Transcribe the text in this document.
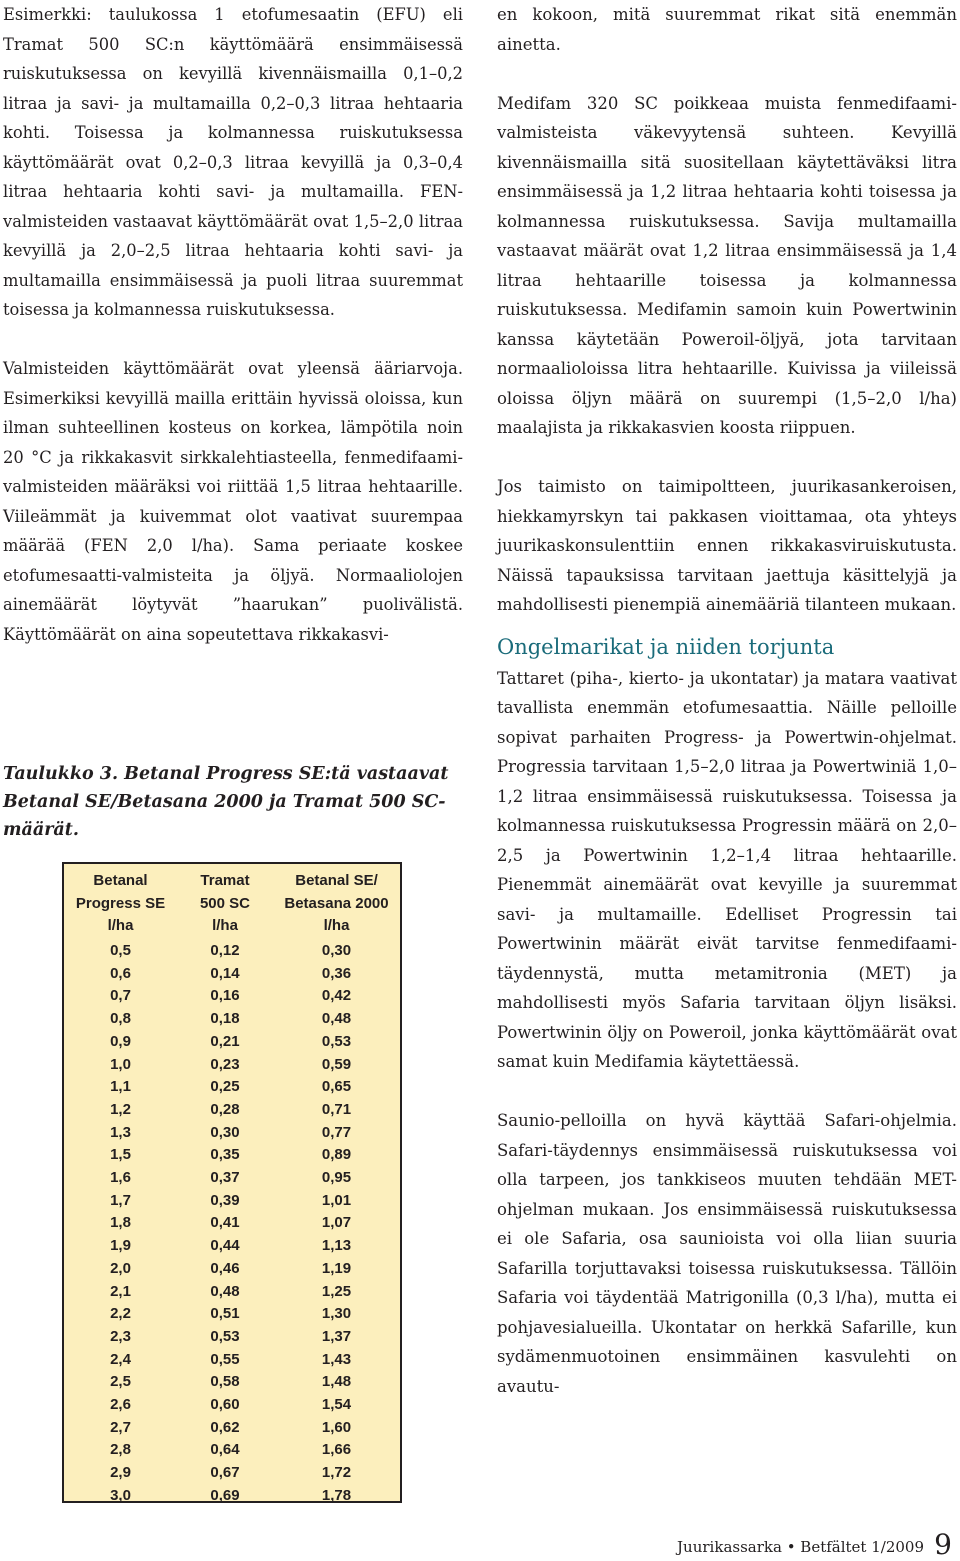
Esimerkki: taulukossa 1 etofumesaatin (EFU) eli Tramat 500 SC:n käyttömäärä ensimmäisessä ruiskutuksessa on kevyillä kivennäismailla 0,1–0,2 litraa ja savi- ja multamailla 0,2–0,3 litraa hehtaaria kohti. Toisessa ja kolmannessa ruiskutuksessa käyttömäärät ovat 0,2–0,3 litraa kevyillä ja 0,3–0,4 litraa hehtaaria kohti savi- ja multamailla. FEN- valmisteiden vastaavat käyttömäärät ovat 1,5–2,0 litraa kevyillä ja 2,0–2,5 litraa hehtaaria kohti savi- ja multamailla ensimmäisessä ja puoli litraa suuremmat toisessa ja kolmannessa ruiskutuksessa.

Valmisteiden käyttömäärät ovat yleensä ääriarvoja. Esimerkiksi kevyillä mailla erittäin hyvissä oloissa, kun ilman suhteellinen kosteus on korkea, lämpötila noin 20 °C ja rikkakasvit sirkkalehtiasteella, fenmedifaami-valmisteiden määräksi voi riittää 1,5 litraa hehtaarille. Viileämmät ja kuivemmat olot vaativat suurempaa määrää (FEN 2,0 l/ha). Sama periaate koskee etofumesaatti-valmisteita ja öljyä. Normaaliolojen ainemäärät löytyvät ”haarukan” puolivälistä. Käyttömäärät on aina sopeutettava rikkakasvi-

Taulukko 3. Betanal Progress SE:tä vastaavat Betanal SE/Betasana 2000 ja Tramat 500 SC-määrät.
Betanal
Progress SE
l/ha
Tramat
500 SC
l/ha
Betanal SE/
Betasana 2000
l/ha
0,5	0,12	0,30
0,6	0,14	0,36
0,7	0,16	0,42
0,8	0,18	0,48
0,9	0,21	0,53
1,0	0,23	0,59
1,1	0,25	0,65
1,2	0,28	0,71
1,3	0,30	0,77
1,5	0,35	0,89
1,6	0,37	0,95
1,7	0,39	1,01
1,8	0,41	1,07
1,9	0,44	1,13
2,0	0,46	1,19
2,1	0,48	1,25
2,2	0,51	1,30
2,3	0,53	1,37
2,4	0,55	1,43
2,5	0,58	1,48
2,6	0,60	1,54
2,7	0,62	1,60
2,8	0,64	1,66
2,9	0,67	1,72
3,0	0,69	1,78

en kokoon, mitä suuremmat rikat sitä enemmän ainetta.

Medifam 320 SC poikkeaa muista fenmedifaami-valmisteista väkevyytensä suhteen. Kevyillä kivennäismailla sitä suositellaan käytettäväksi litra ensimmäisessä ja 1,2 litraa hehtaaria kohti toisessa ja kolmannessa ruiskutuksessa. Savija multamailla vastaavat määrät ovat 1,2 litraa ensimmäisessä ja 1,4 litraa hehtaarille toisessa ja kolmannessa ruiskutuksessa. Medifamin samoin kuin Powertwinin kanssa käytetään Poweroil-öljyä, jota tarvitaan normaalioloissa litra hehtaarille. Kuivissa ja viileissä oloissa öljyn määrä on suurempi (1,5–2,0 l/ha) maalajista ja rikkakasvien koosta riippuen.

Jos taimisto on taimipoltteen, juurikasankeroisen, hiekkamyrskyn tai pakkasen vioittamaa, ota yhteys juurikaskonsulenttiin ennen rikkakasviruiskutusta. Näissä tapauksissa tarvitaan jaettuja käsittelyjä ja mahdollisesti pienempiä ainemääriä tilanteen mukaan.

Ongelmarikat ja niiden torjunta

Tattaret (piha-, kierto- ja ukontatar) ja matara vaativat tavallista enemmän etofumesaattia. Näille pelloille sopivat parhaiten Progress- ja Powertwin-ohjelmat. Progressia tarvitaan 1,5–2,0 litraa ja Powertwiniä 1,0–1,2 litraa ensimmäisessä ruiskutuksessa. Toisessa ja kolmannessa ruiskutuksessa Progressin määrä on 2,0–2,5 ja Powertwinin 1,2–1,4 litraa hehtaarille. Pienemmät ainemäärät ovat kevyille ja suuremmat savi- ja multamaille. Edelliset Progressin tai Powertwinin määrät eivät tarvitse fenmedifaami-täydennystä, mutta metamitronia (MET) ja mahdollisesti myös Safaria tarvitaan öljyn lisäksi. Powertwinin öljy on Poweroil, jonka käyttömäärät ovat samat kuin Medifamia käytettäessä.

Saunio-pelloilla on hyvä käyttää Safari-ohjelmia. Safari-täydennys ensimmäisessä ruiskutuksessa voi olla tarpeen, jos tankkiseos muuten tehdään MET-ohjelman mukaan. Jos ensimmäisessä ruiskutuksessa ei ole Safaria, osa saunioista voi olla liian suuria Safarilla torjuttavaksi toisessa ruiskutuksessa. Tällöin Safaria voi täydentää Matrigonilla (0,3 l/ha), mutta ei pohjavesialueilla. Ukontatar on herkkä Safarille, kun sydämenmuotoinen ensimmäinen kasvulehti on avautu-

Juurikassarka • Betfältet 1/2009 9
